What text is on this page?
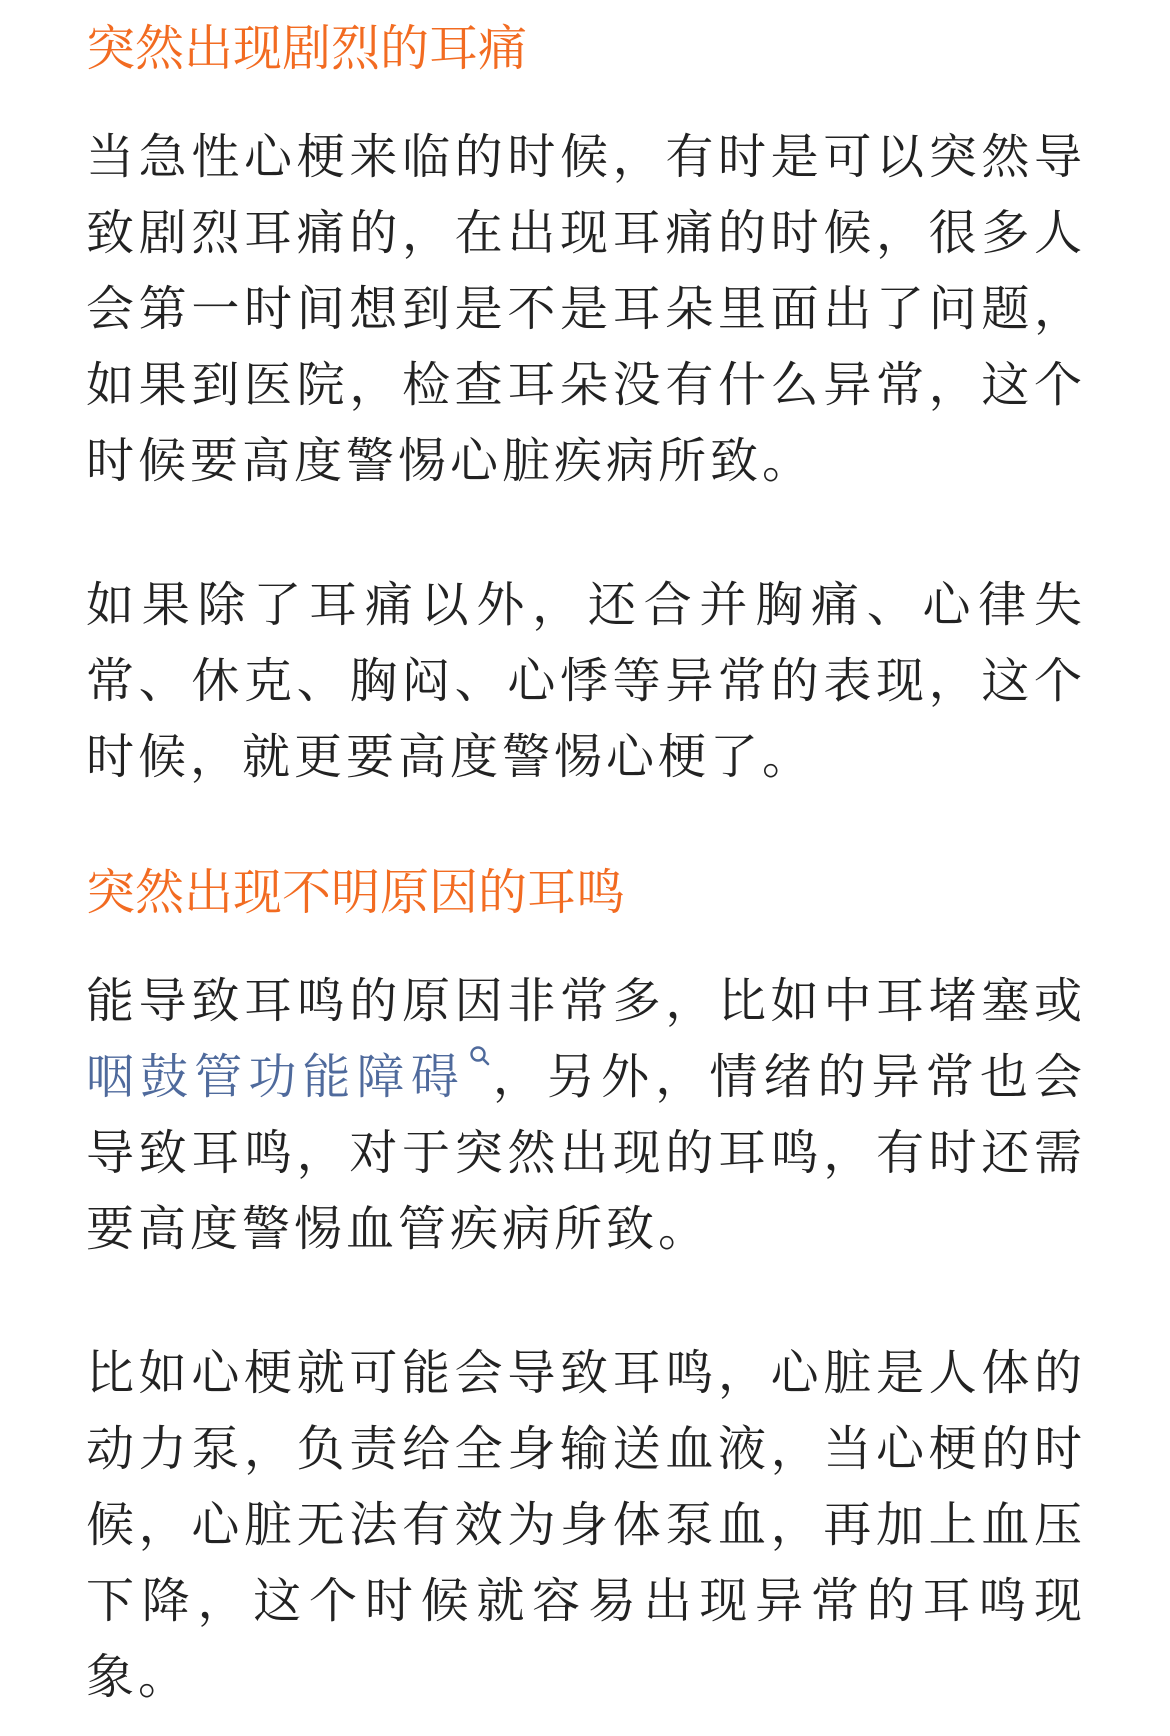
突然出现剧烈的耳痛

当急性心梗来临的时候，有时是可以突然导致剧烈耳痛的，在出现耳痛的时候，很多人会第一时间想到是不是耳朵里面出了问题，如果到医院，检查耳朵没有什么异常，这个时候要高度警惕心脏疾病所致。

如果除了耳痛以外，还合并胸痛、心律失常、休克、胸闷、心悸等异常的表现，这个时候，就更要高度警惕心梗了。

突然出现不明原因的耳鸣

能导致耳鸣的原因非常多，比如中耳堵塞或咽鼓管功能障碍 ，另外，情绪的异常也会导致耳鸣，对于突然出现的耳鸣，有时还需要高度警惕血管疾病所致。

比如心梗就可能会导致耳鸣，心脏是人体的动力泵，负责给全身输送血液，当心梗的时候，心脏无法有效为身体泵血，再加上血压下降，这个时候就容易出现异常的耳鸣现象。
